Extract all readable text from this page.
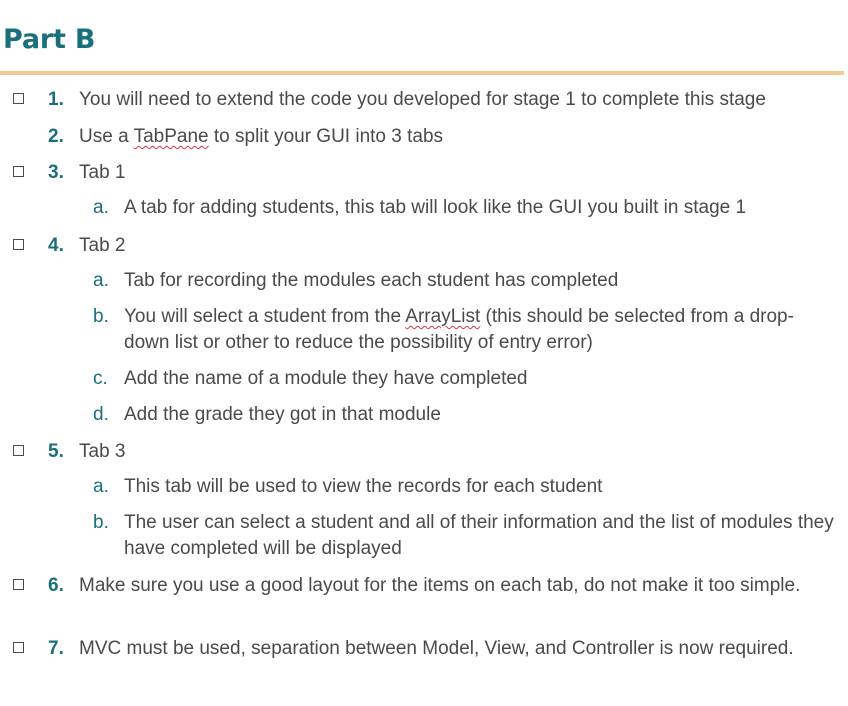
Part B
1. You will need to extend the code you developed for stage 1 to complete this stage
2. Use a TabPane to split your GUI into 3 tabs
3. Tab 1
a. A tab for adding students, this tab will look like the GUI you built in stage 1
4. Tab 2
a. Tab for recording the modules each student has completed
b. You will select a student from the ArrayList (this should be selected from a drop-down list or other to reduce the possibility of entry error)
c. Add the name of a module they have completed
d. Add the grade they got in that module
5. Tab 3
a. This tab will be used to view the records for each student
b. The user can select a student and all of their information and the list of modules they have completed will be displayed
6. Make sure you use a good layout for the items on each tab, do not make it too simple.
7. MVC must be used, separation between Model, View, and Controller is now required.
